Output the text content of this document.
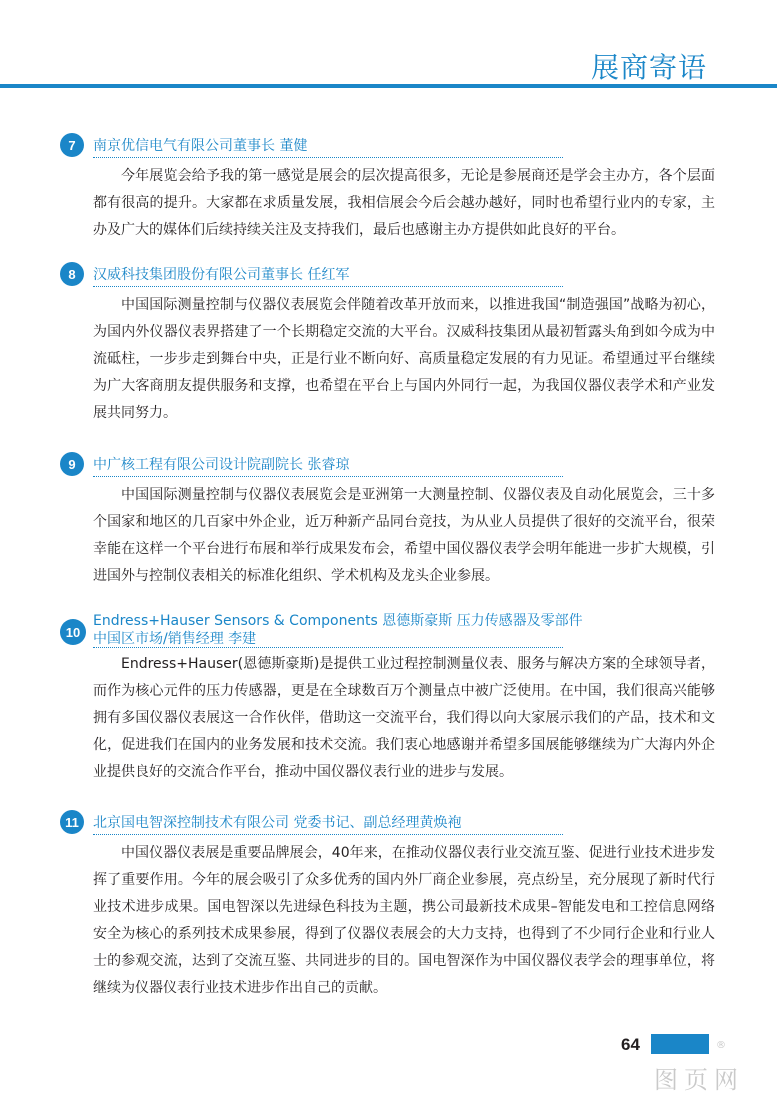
展商寄语
7	南京优信电气有限公司董事长 董健

今年展览会给予我的第一感觉是展会的层次提高很多，无论是参展商还是学会主办方，各个层面都有很高的提升。大家都在求质量发展，我相信展会今后会越办越好，同时也希望行业内的专家，主办及广大的媒体们后续持续关注及支持我们，最后也感谢主办方提供如此良好的平台。

8	汉威科技集团股份有限公司董事长 任红军

中国国际测量控制与仪器仪表展览会伴随着改革开放而来，以推进我国“制造强国”战略为初心，为国内外仪器仪表界搭建了一个长期稳定交流的大平台。汉威科技集团从最初暂露头角到如今成为中流砥柱，一步步走到舞台中央，正是行业不断向好、高质量稳定发展的有力见证。希望通过平台继续为广大客商朋友提供服务和支撑，也希望在平台上与国内外同行一起，为我国仪器仪表学术和产业发展共同努力。

9	中广核工程有限公司设计院副院长 张睿琼

中国国际测量控制与仪器仪表展览会是亚洲第一大测量控制、仪器仪表及自动化展览会，三十多个国家和地区的几百家中外企业，近万种新产品同台竞技，为从业人员提供了很好的交流平台，很荣幸能在这样一个平台进行布展和举行成果发布会，希望中国仪器仪表学会明年能进一步扩大规模，引进国外与控制仪表相关的标准化组织、学术机构及龙头企业参展。

10
Endress+Hauser Sensors & Components 恩德斯豪斯 压力传感器及零部件
中国区市场/销售经理 李建

Endress+Hauser(恩德斯豪斯)是提供工业过程控制测量仪表、服务与解决方案的全球领导者，而作为核心元件的压力传感器，更是在全球数百万个测量点中被广泛使用。在中国，我们很高兴能够拥有多国仪器仪表展这一合作伙伴，借助这一交流平台，我们得以向大家展示我们的产品，技术和文化，促进我们在国内的业务发展和技术交流。我们衷心地感谢并希望多国展能够继续为广大海内外企业提供良好的交流合作平台，推动中国仪器仪表行业的进步与发展。

11	北京国电智深控制技术有限公司 党委书记、副总经理黄焕袍

中国仪器仪表展是重要品牌展会，40年来，在推动仪器仪表行业交流互鉴、促进行业技术进步发挥了重要作用。今年的展会吸引了众多优秀的国内外厂商企业参展，亮点纷呈，充分展现了新时代行业技术进步成果。国电智深以先进绿色科技为主题，携公司最新技术成果–智能发电和工控信息网络安全为核心的系列技术成果参展，得到了仪器仪表展会的大力支持，也得到了不少同行企业和行业人士的参观交流，达到了交流互鉴、共同进步的目的。国电智深作为中国仪器仪表学会的理事单位，将继续为仪器仪表行业技术进步作出自己的贡献。

64	®
图页网
